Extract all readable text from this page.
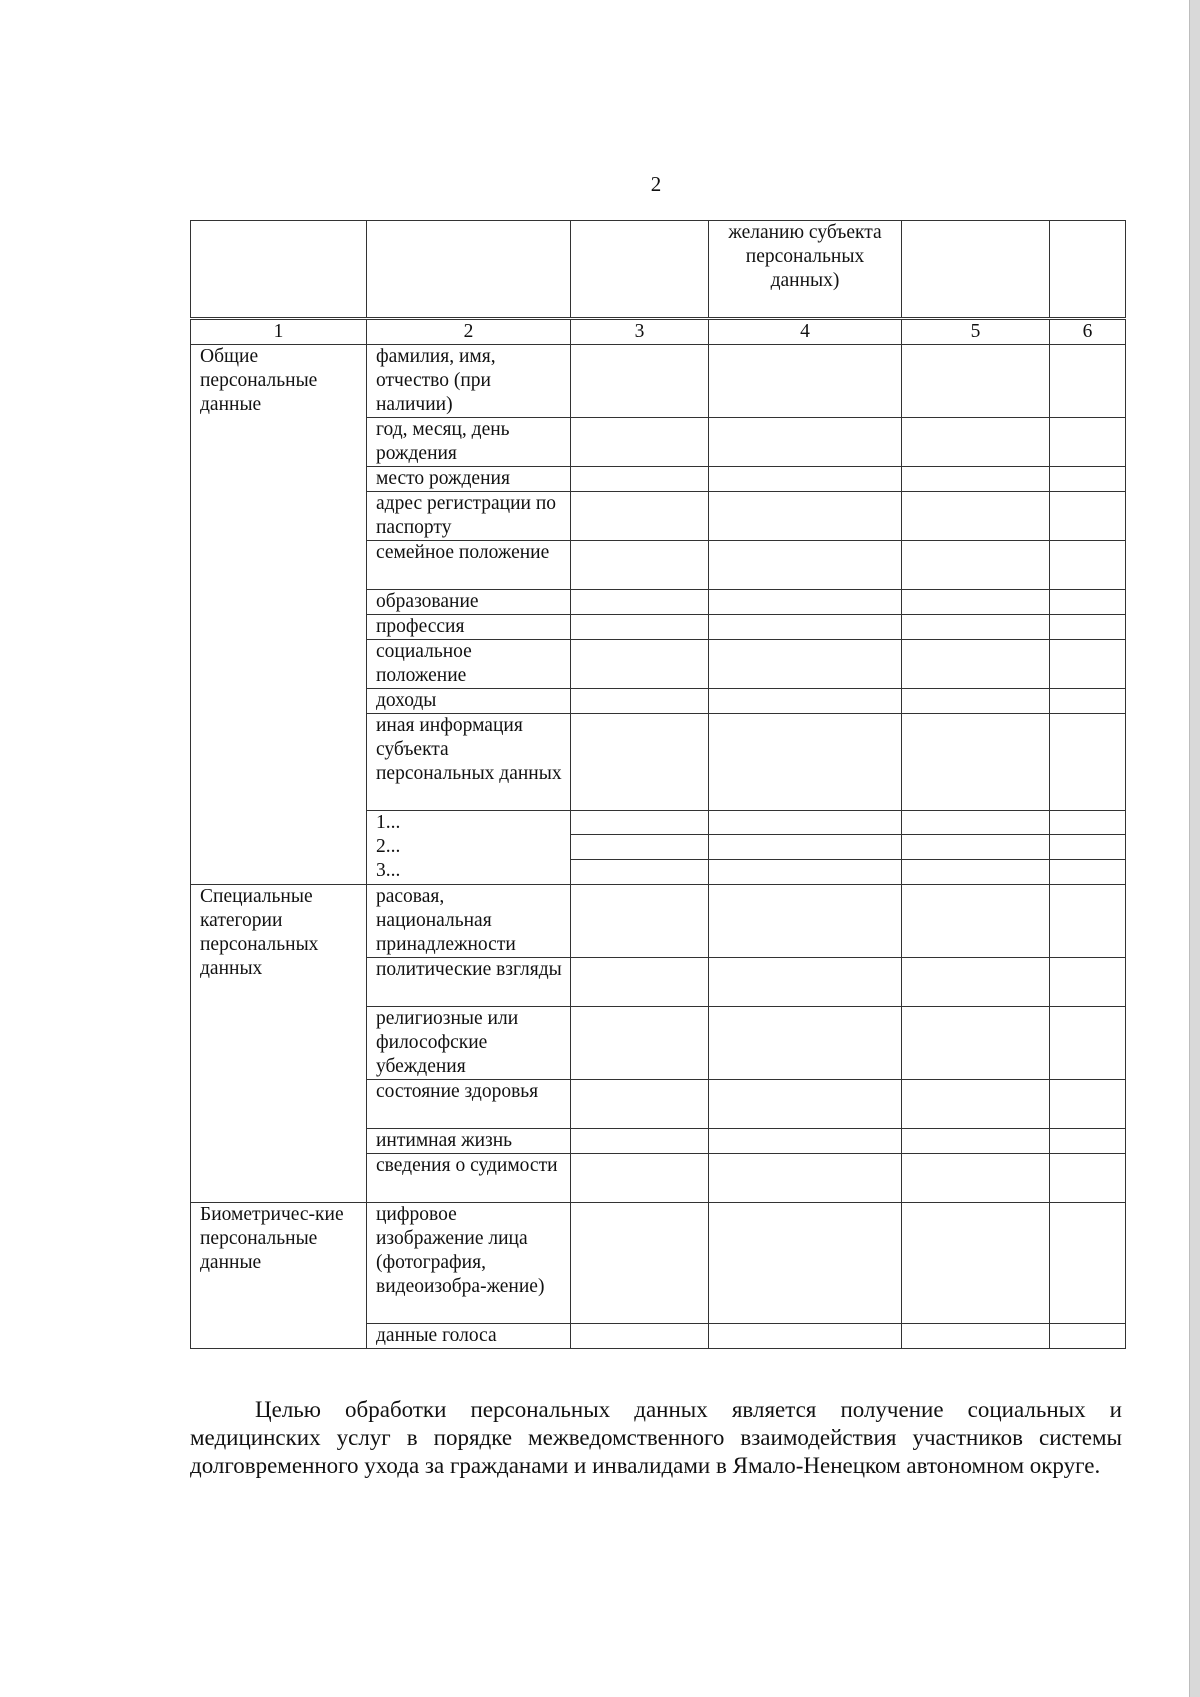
2
			желанию субъекта персональных данных)		
1	2	3	4	5	6
Общие персональные данные	фамилия, имя, отчество (при наличии)				
	год, месяц, день рождения				
	место рождения				
	адрес регистрации по паспорту				
	семейное положение				
	образование				
	профессия				
	социальное положение				
	доходы				
	иная информация субъекта персональных данных				

	1...
2...
3...				

Специальные категории персональных данных	расовая, национальная принадлежности				
	политические взгляды				
	религиозные или философские убеждения				
	состояние здоровья				
	интимная жизнь				
	сведения о судимости				
Биометричес-кие персональные данные	цифровое изображение лица (фотография, видеоизобра-жение)				
	данные голоса				

Целью обработки персональных данных является получение социальных и медицинских услуг в порядке межведомственного взаимодействия участников системы долговременного ухода за гражданами и инвалидами в Ямало-Ненецком автономном округе.
